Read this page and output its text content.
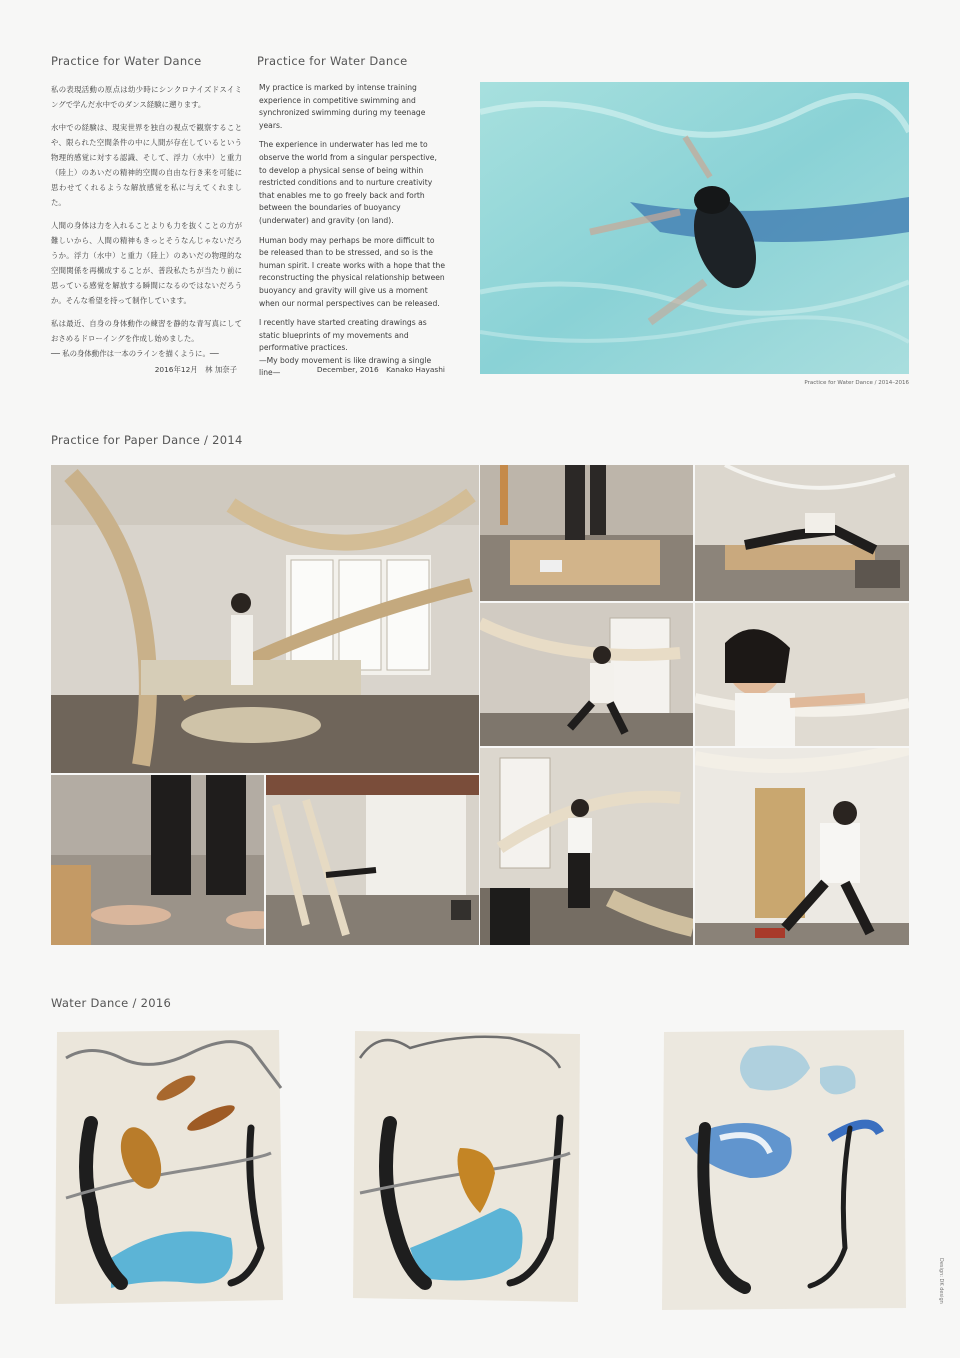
Practice for Water Dance	Practice for Water Dance

私の表現活動の原点は幼少時にシンクロナイズドスイミングで学んだ水中でのダンス経験に遡ります。

水中での経験は、現実世界を独自の視点で観察することや、限られた空間条件の中に人間が存在しているという物理的感覚に対する認識、そして、浮力（水中）と重力（陸上）のあいだの精神的空間の自由な行き来を可能に思わせてくれるような解放感覚を私に与えてくれました。

人間の身体は力を入れることよりも力を抜くことの方が難しいから、人間の精神もきっとそうなんじゃないだろうか。浮力（水中）と重力（陸上）のあいだの物理的な空間関係を再構成することが、普段私たちが当たり前に思っている感覚を解放する瞬間になるのではないだろうか。そんな希望を持って制作しています。

私は最近、自身の身体動作の練習を静的な青写真にしておさめるドローイングを作成し始めました。

── 私の身体動作は一本のラインを描くように。──

2016年12月　林 加奈子

My practice is marked by intense training experience in competitive swimming and synchronized swimming during my teenage years.

The experience in underwater has led me to observe the world from a singular perspective, to develop a physical sense of being within restricted conditions and to nurture creativity that enables me to go freely back and forth between the boundaries of buoyancy (underwater) and gravity (on land).

Human body may perhaps be more difficult to be released than to be stressed, and so is the human spirit. I create works with a hope that the reconstructing the physical relationship between buoyancy and gravity will give us a moment when our normal perspectives can be released.

I recently have started creating drawings as static blueprints of my movements and performative practices.

—My body movement is like drawing a single line—	December, 2016　Kanako Hayashi
Practice for Water Dance / 2014–2016
Practice for Paper Dance / 2014
Water Dance / 2016
Design: DK design
